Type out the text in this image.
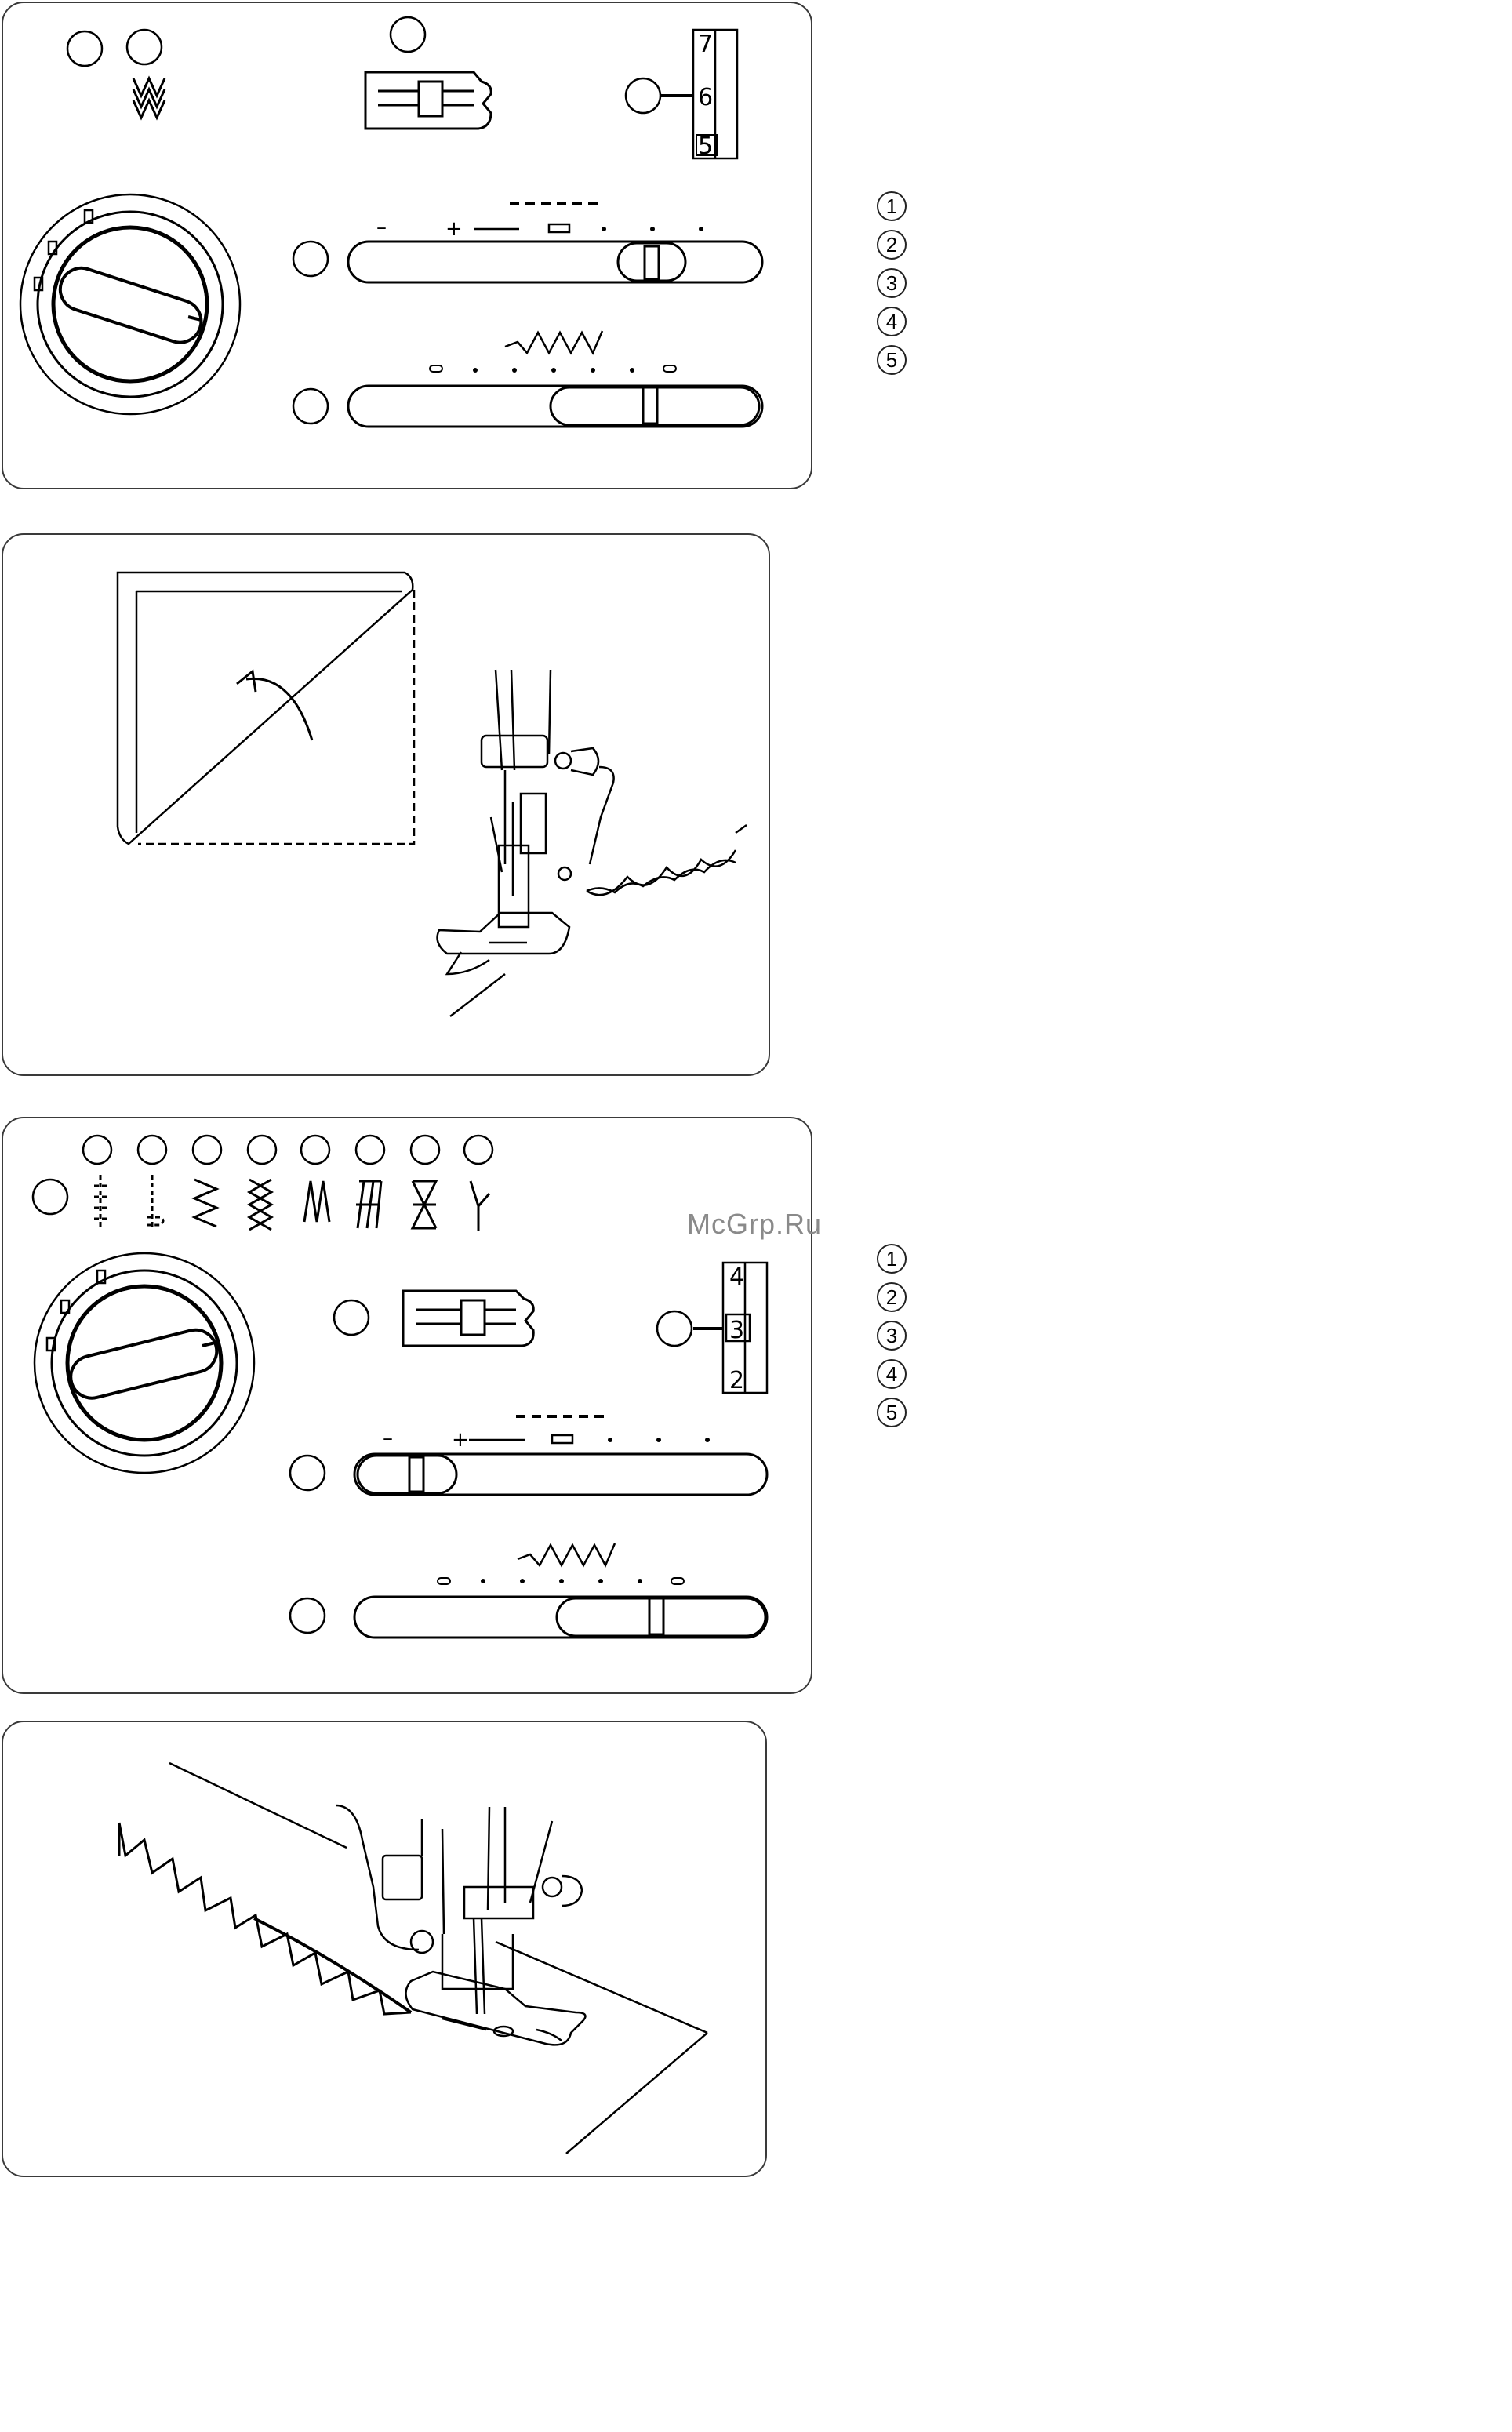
7
6
5
–	+
1
2
3
4
5
4
3
2
–	+
McGrp.Ru
1
2
3
4
5
